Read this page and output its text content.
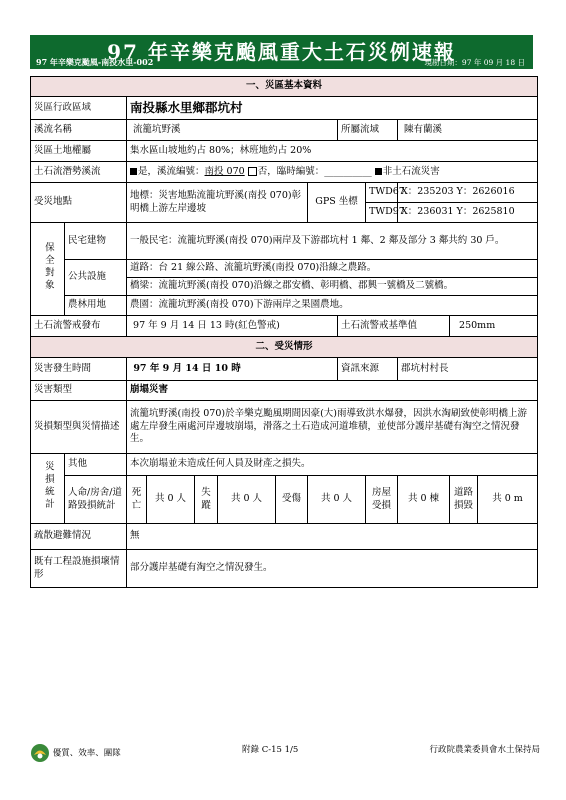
97 年辛樂克颱風重大土石災例速報
97 年辛樂克颱風-南投水里-002	現勘日期：97 年 09 月 18 日
一、災區基本資料												
災區行政區域		南投縣水里鄉郡坑村										
溪流名稱		流籠坑野溪						所屬流域		陳有蘭溪		
災區土地權屬		集水區山坡地約占 80%；林班地約占 20%										
土石流潛勢溪流		是，溪流編號：南投 070 否，臨時編號：__________ 非土石流災害										
受災地點		地標：災害地點流籠坑野溪(南投 070)彰明橋上游左岸邊坡					GPS 坐標		TWD67	X：235203 Y：2626016		
									TWD97	X：236031 Y：2625810		
保全對象	民宅建物	一般民宅：流籠坑野溪(南投 070)兩岸及下游郡坑村 1 鄰、2 鄰及部分 3 鄰共約 30 戶。										
	公共設施	道路：台 21 線公路、流籠坑野溪(南投 070)沿線之農路。										
		橋梁：流籠坑野溪(南投 070)沿線之郡安橋、彰明橋、郡興一號橋及二號橋。										
	農林用地	農園：流籠坑野溪(南投 070)下游兩岸之果園農地。										
土石流警戒發布		97 年 9 月 14 日 13 時(紅色警戒)						土石流警戒基準值			250mm	
二、受災情形												
災害發生時間		97 年 9 月 14 日 10 時						資訊來源		郡坑村村長		
災害類型		崩塌災害										
災損類型與災情描述		流籠坑野溪(南投 070)於辛樂克颱風期間因豪(大)雨導致洪水爆發，因洪水淘刷致使彰明橋上游處左岸發生兩處河岸邊坡崩塌，滑落之土石造成河道堆積，並使部分護岸基礎有淘空之情況發生。										
災損統計	其他	本次崩塌並未造成任何人員及財產之損失。										
	人命/房舍/道路毀損統計	死亡	共 0 人	失蹤	共 0 人	受傷	共 0 人		房屋受損	共 0 棟	道路損毀	共 0 m
疏散避難情況		無										
既有工程設施損壞情形		部分護岸基礎有淘空之情況發生。										
優質、效率、團隊	附錄 C-15 1/5	行政院農業委員會水土保持局
